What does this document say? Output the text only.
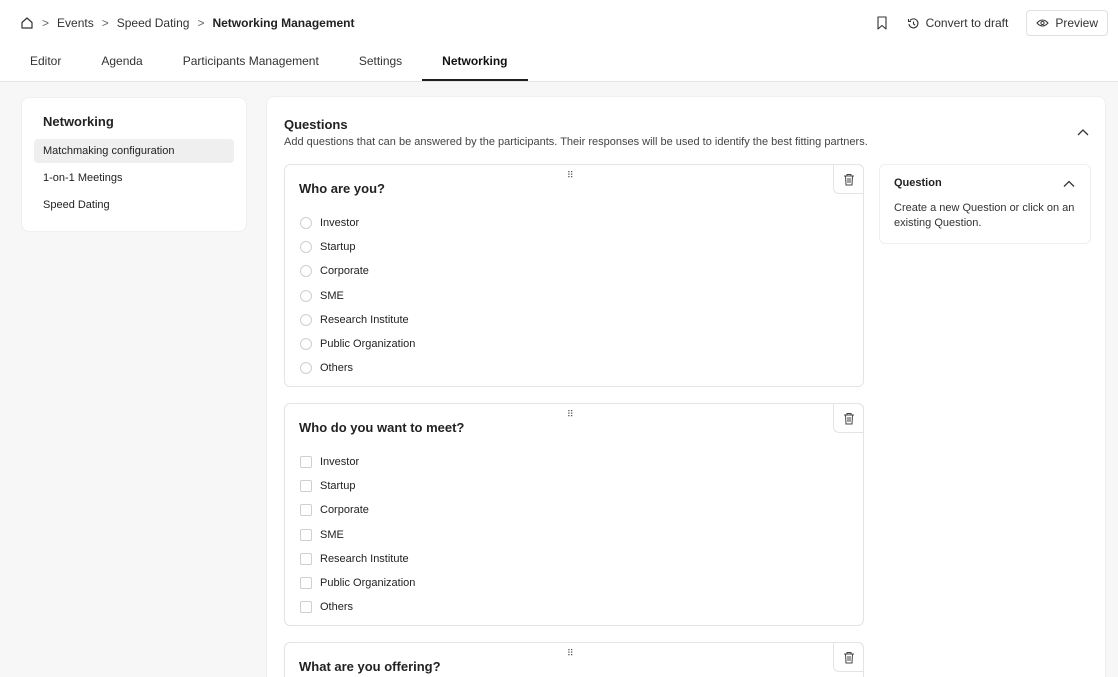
> Events > Speed Dating > Networking Management	Convert to draft	Preview
Editor	Agenda	Participants Management	Settings	Networking
Networking
Matchmaking configuration
1-on-1 Meetings
Speed Dating
Questions
Add questions that can be answered by the participants. Their responses will be used to identify the best fitting partners.
⠿
Who are you?
Investor
Startup
Corporate
SME
Research Institute
Public Organization
Others
⠿
Who do you want to meet?
Investor
Startup
Corporate
SME
Research Institute
Public Organization
Others
⠿
What are you offering?
Question
Create a new Question or click on an existing Question.
